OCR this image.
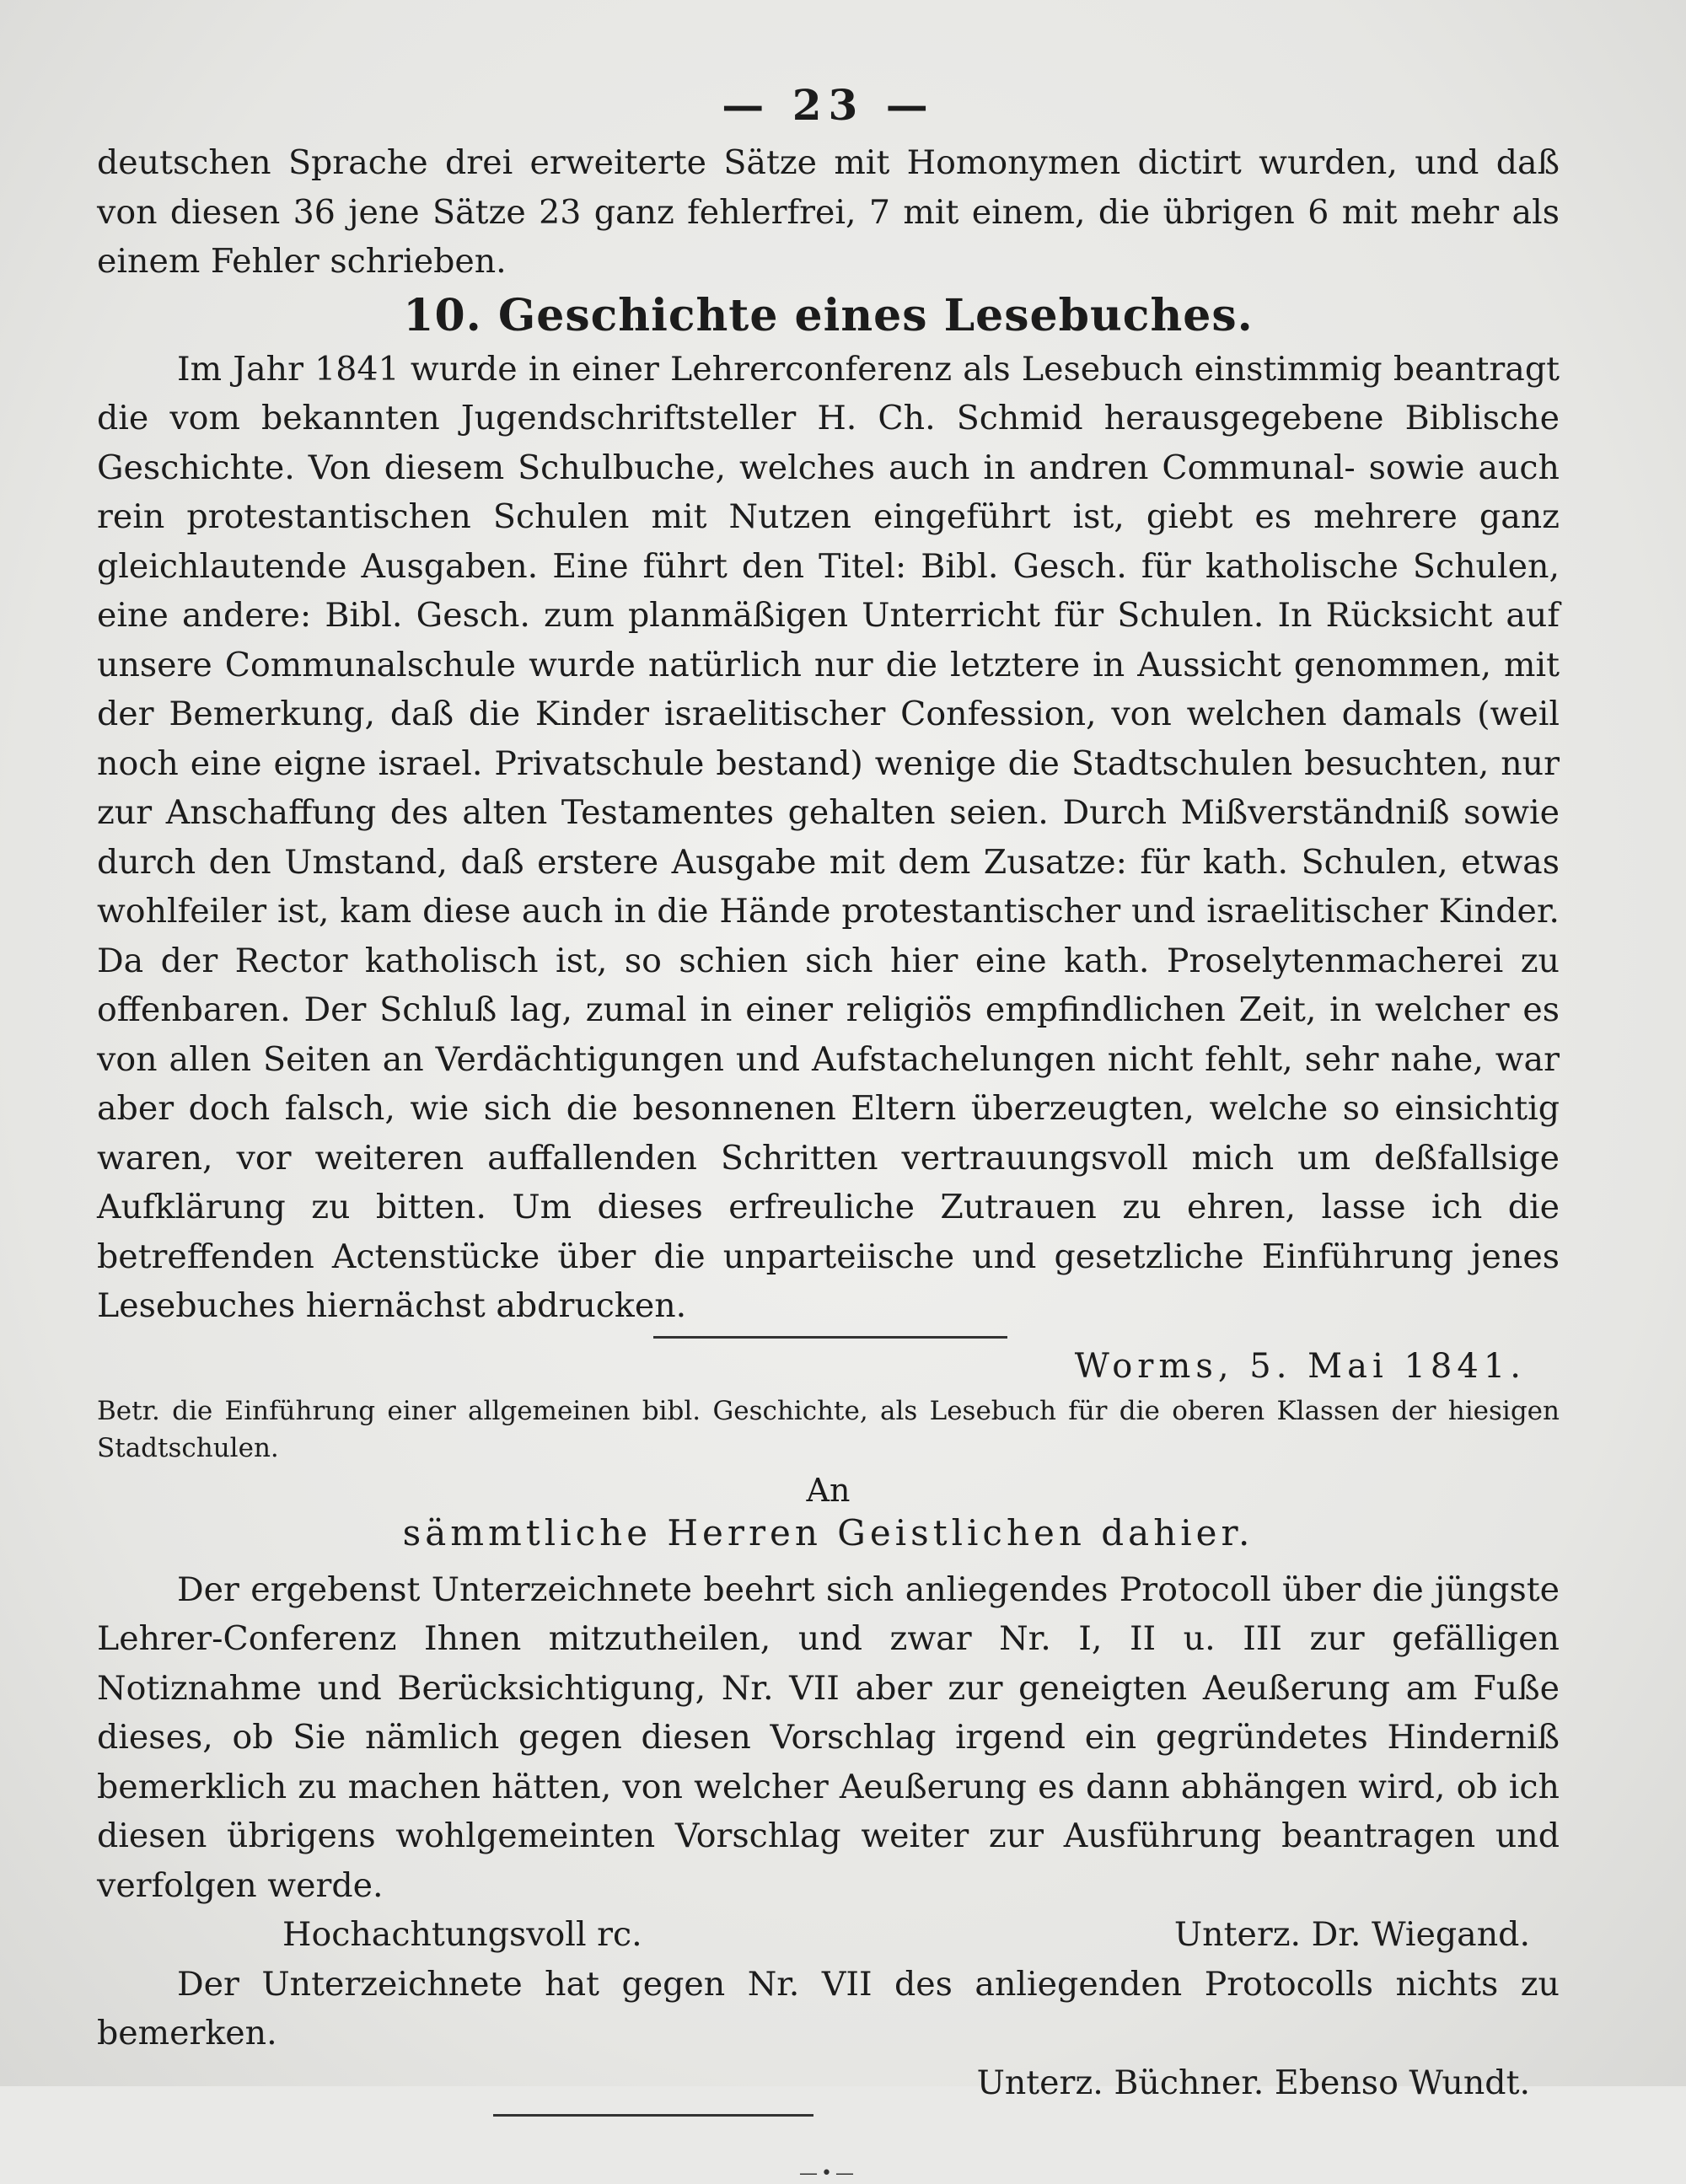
— 23 —

deutschen Sprache drei erweiterte Sätze mit Homonymen dictirt wurden, und daß von diesen 36 jene Sätze 23 ganz fehlerfrei, 7 mit einem, die übrigen 6 mit mehr als einem Fehler schrieben.

10. Geschichte eines Lesebuches.

Im Jahr 1841 wurde in einer Lehrerconferenz als Lesebuch einstimmig beantragt die vom bekannten Jugendschriftsteller H. Ch. Schmid herausgegebene Biblische Geschichte. Von diesem Schulbuche, welches auch in andren Communal- sowie auch rein protestantischen Schulen mit Nutzen eingeführt ist, giebt es mehrere ganz gleichlautende Ausgaben. Eine führt den Titel: Bibl. Gesch. für katholische Schulen, eine andere: Bibl. Gesch. zum planmäßigen Unterricht für Schulen. In Rücksicht auf unsere Communalschule wurde natürlich nur die letztere in Aussicht genommen, mit der Bemerkung, daß die Kinder israelitischer Confession, von welchen damals (weil noch eine eigne israel. Privatschule bestand) wenige die Stadtschulen besuchten, nur zur Anschaffung des alten Testamentes gehalten seien. Durch Mißverständniß sowie durch den Umstand, daß erstere Ausgabe mit dem Zusatze: für kath. Schulen, etwas wohlfeiler ist, kam diese auch in die Hände protestantischer und israelitischer Kinder. Da der Rector katholisch ist, so schien sich hier eine kath. Proselytenmacherei zu offenbaren. Der Schluß lag, zumal in einer religiös empfindlichen Zeit, in welcher es von allen Seiten an Verdächtigungen und Aufstachelungen nicht fehlt, sehr nahe, war aber doch falsch, wie sich die besonnenen Eltern überzeugten, welche so einsichtig waren, vor weiteren auffallenden Schritten vertrauungsvoll mich um deßfallsige Aufklärung zu bitten. Um dieses erfreuliche Zutrauen zu ehren, lasse ich die betreffenden Actenstücke über die unparteiische und gesetzliche Einführung jenes Lesebuches hiernächst abdrucken.

Worms, 5. Mai 1841.

Betr. die Einführung einer allgemeinen bibl. Geschichte, als Lesebuch für die oberen Klassen der hiesigen Stadtschulen.

An
sämmtliche Herren Geistlichen dahier.

Der ergebenst Unterzeichnete beehrt sich anliegendes Protocoll über die jüngste Lehrer-Conferenz Ihnen mitzutheilen, und zwar Nr. I, II u. III zur gefälligen Notiznahme und Berücksichtigung, Nr. VII aber zur geneigten Aeußerung am Fuße dieses, ob Sie nämlich gegen diesen Vorschlag irgend ein gegründetes Hinderniß bemerklich zu machen hätten, von welcher Aeußerung es dann abhängen wird, ob ich diesen übrigens wohlgemeinten Vorschlag weiter zur Ausführung beantragen und verfolgen werde.

Hochachtungsvoll rc.	Unterz. Dr. Wiegand.

Der Unterzeichnete hat gegen Nr. VII des anliegenden Protocolls nichts zu bemerken.

Unterz. Büchner. Ebenso Wundt.
—•—
